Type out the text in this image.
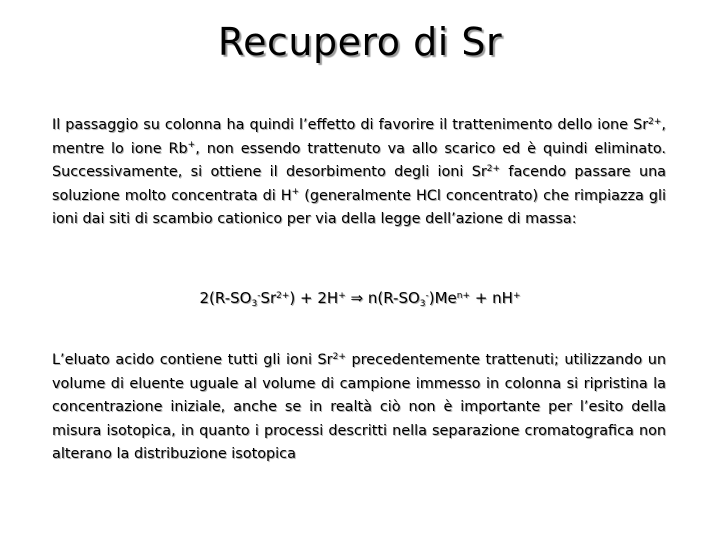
Recupero di Sr
Il passaggio su colonna ha quindi l’effetto di favorire il trattenimento dello ione $Sr^{2+}$, mentre lo ione Rb+, non essendo trattenuto va allo scarico ed è quindi eliminato. Successivamente, si ottiene il desorbimento degli ioni $Sr^{2+}$ facendo passare una soluzione molto concentrata di H+ (generalmente HCl concentrato) che rimpiazza gli ioni dai siti di scambio cationico per via della legge dell’azione di massa:
$2(R-SO_3^-Sr^{2+}) + 2H^+$ ⇒ $n(R-SO_3^-)Me^{n+} + nH^+$
L’eluato acido contiene tutti gli ioni $Sr^{2+}$ precedentemente trattenuti; utilizzando un volume di eluente uguale al volume di campione immesso in colonna si ripristina la concentrazione iniziale, anche se in realtà ciò non è importante per l’esito della misura isotopica, in quanto i processi descritti nella separazione cromatografica non alterano la distribuzione isotopica
